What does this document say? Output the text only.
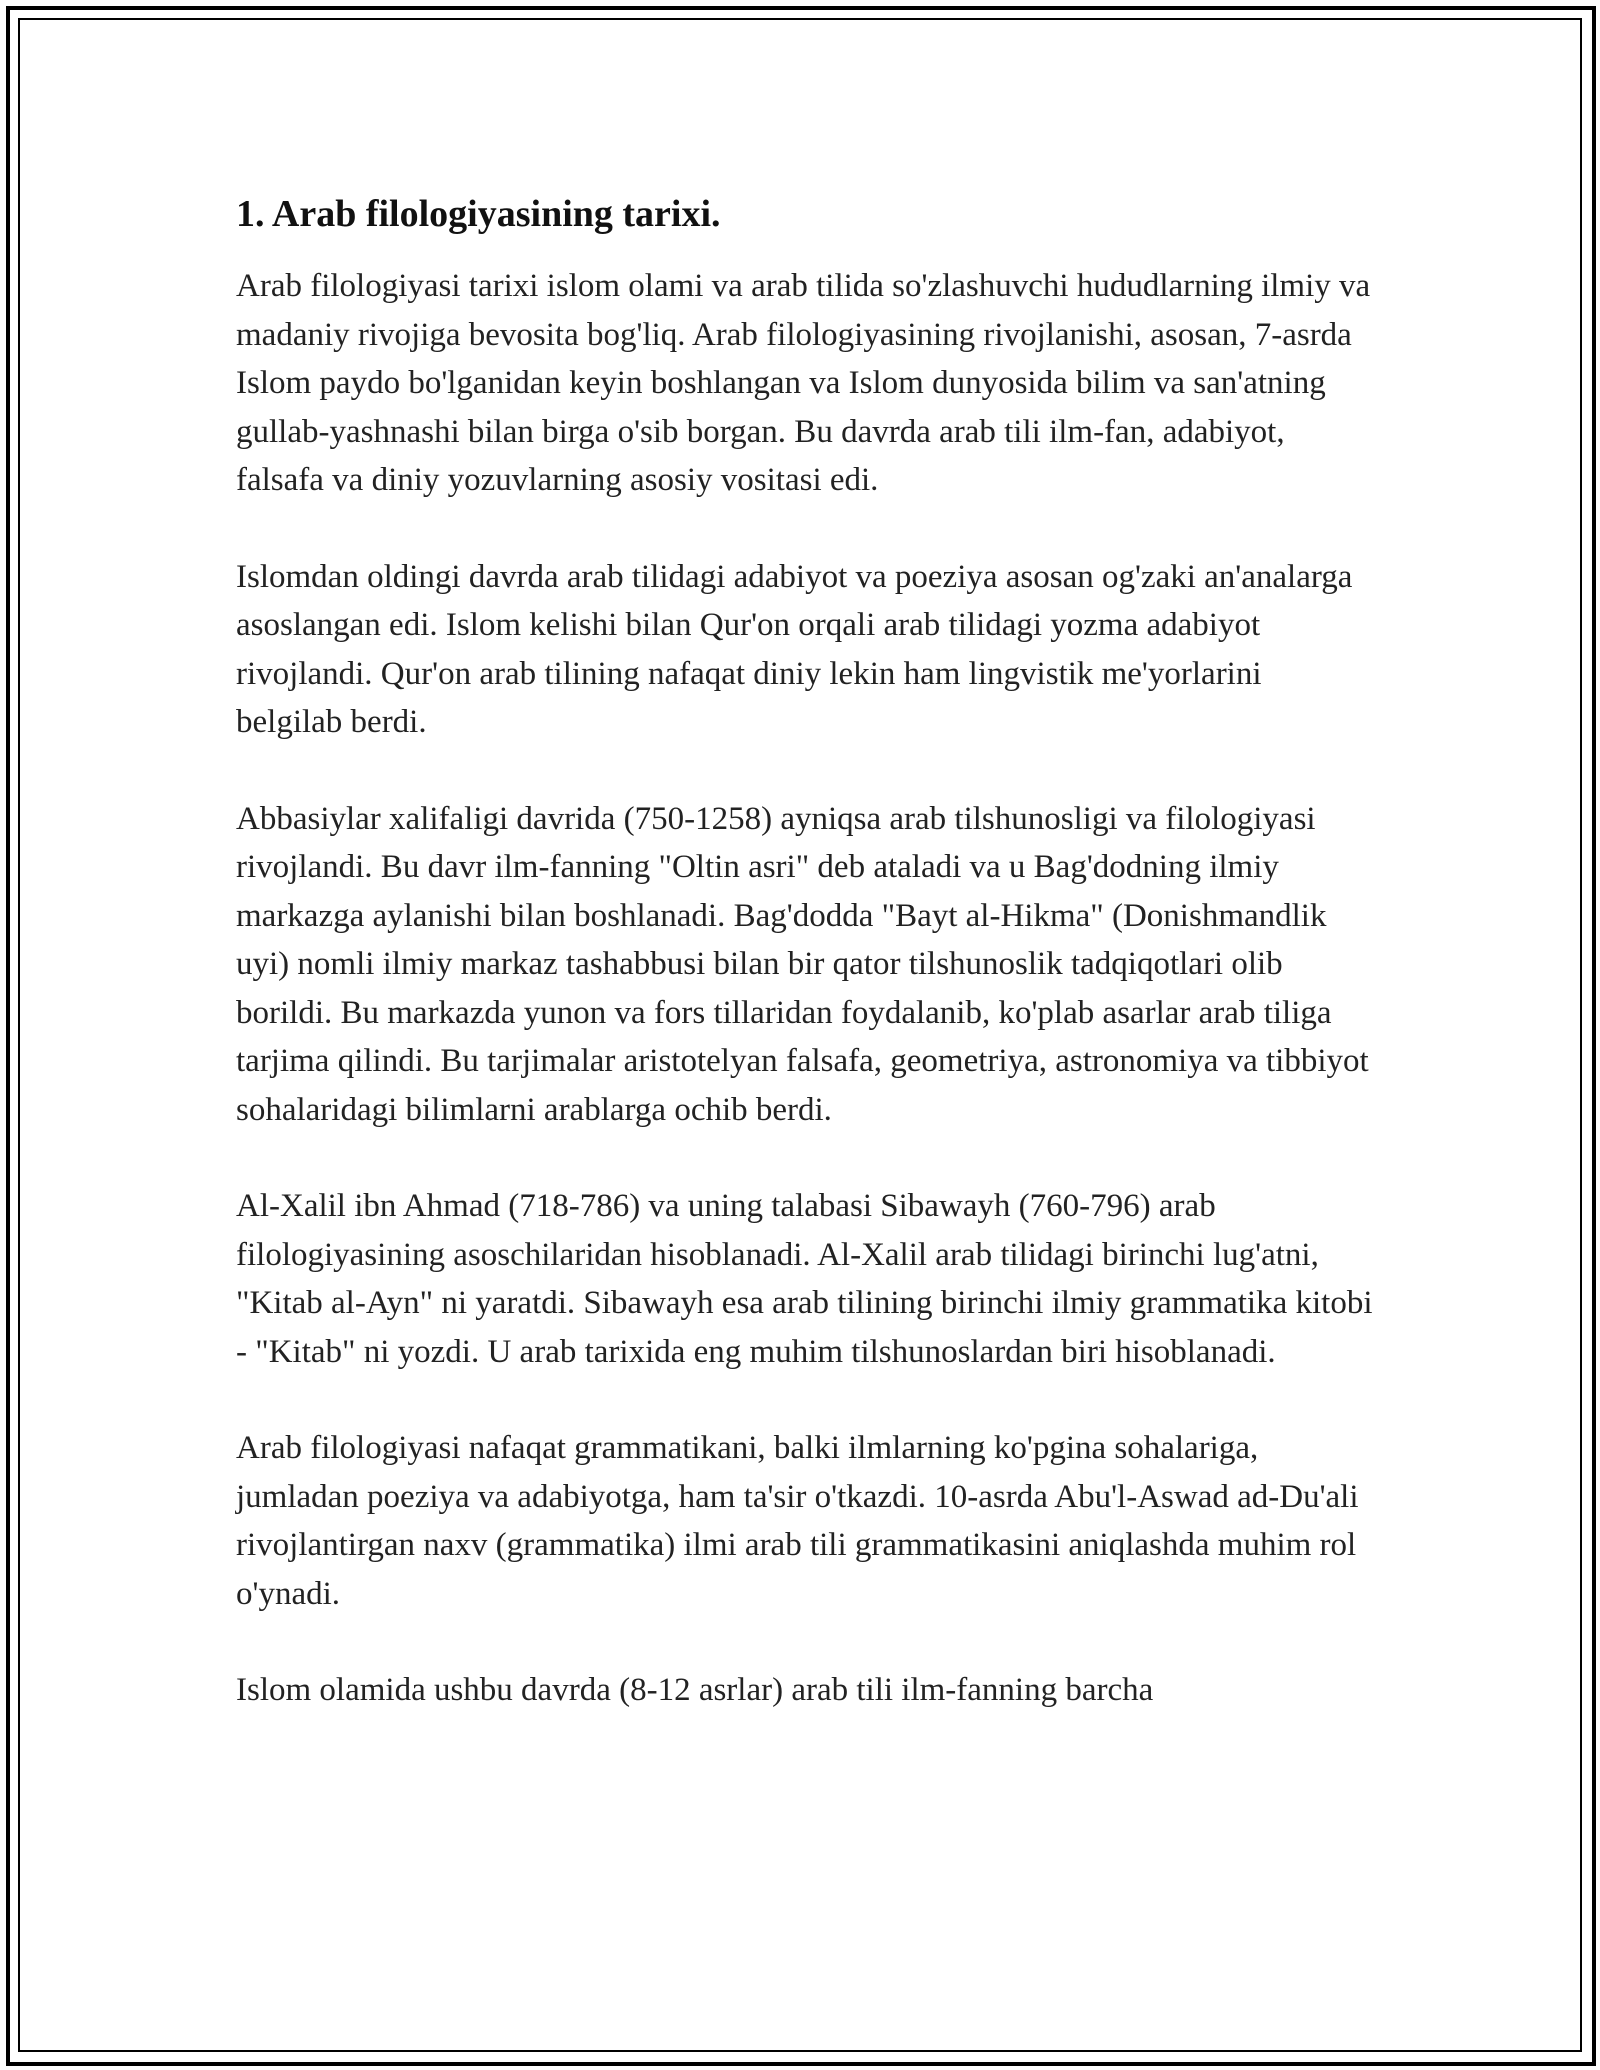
1. Arab filologiyasining tarixi.

Arab filologiyasi tarixi islom olami va arab tilida so'zlashuvchi hududlarning ilmiy va madaniy rivojiga bevosita bog'liq. Arab filologiyasining rivojlanishi, asosan, 7-asrda Islom paydo bo'lganidan keyin boshlangan va Islom dunyosida bilim va san'atning gullab-yashnashi bilan birga o'sib borgan. Bu davrda arab tili ilm-fan, adabiyot, falsafa va diniy yozuvlarning asosiy vositasi edi.

Islomdan oldingi davrda arab tilidagi adabiyot va poeziya asosan og'zaki an'analarga asoslangan edi. Islom kelishi bilan Qur'on orqali arab tilidagi yozma adabiyot rivojlandi. Qur'on arab tilining nafaqat diniy lekin ham lingvistik me'yorlarini belgilab berdi.

Abbasiylar xalifaligi davrida (750-1258) ayniqsa arab tilshunosligi va filologiyasi rivojlandi. Bu davr ilm-fanning "Oltin asri" deb ataladi va u Bag'dodning ilmiy markazga aylanishi bilan boshlanadi. Bag'dodda "Bayt al-Hikma" (Donishmandlik uyi) nomli ilmiy markaz tashabbusi bilan bir qator tilshunoslik tadqiqotlari olib borildi. Bu markazda yunon va fors tillaridan foydalanib, ko'plab asarlar arab tiliga tarjima qilindi. Bu tarjimalar aristotelyan falsafa, geometriya, astronomiya va tibbiyot sohalaridagi bilimlarni arablarga ochib berdi.

Al-Xalil ibn Ahmad (718-786) va uning talabasi Sibawayh (760-796) arab filologiyasining asoschilaridan hisoblanadi. Al-Xalil arab tilidagi birinchi lug'atni, "Kitab al-Ayn" ni yaratdi. Sibawayh esa arab tilining birinchi ilmiy grammatika kitobi - "Kitab" ni yozdi. U arab tarixida eng muhim tilshunoslardan biri hisoblanadi.

Arab filologiyasi nafaqat grammatikani, balki ilmlarning ko'pgina sohalariga, jumladan poeziya va adabiyotga, ham ta'sir o'tkazdi. 10-asrda Abu'l-Aswad ad-Du'ali rivojlantirgan naxv (grammatika) ilmi arab tili grammatikasini aniqlashda muhim rol o'ynadi.

Islom olamida ushbu davrda (8-12 asrlar) arab tili ilm-fanning barcha
